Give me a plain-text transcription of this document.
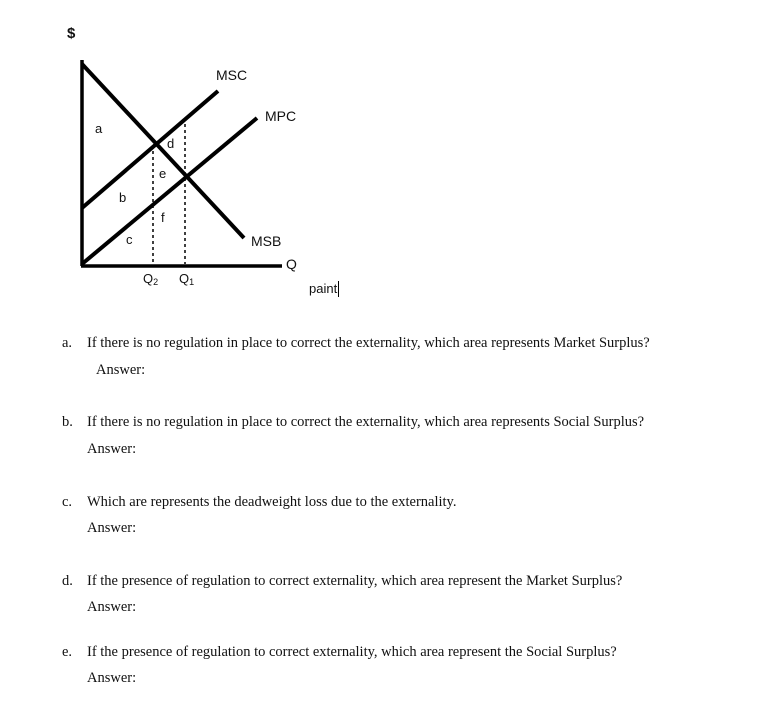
$
Q
MSC
MPC
MSB
a
b
c
d
e
f
Q2 Q1	paint
a. If there is no regulation in place to correct the externality, which area represents Market Surplus?
Answer:
b. If there is no regulation in place to correct the externality, which area represents Social Surplus?
Answer:
c. Which are represents the deadweight loss due to the externality.
Answer:
d. If the presence of regulation to correct externality, which area represent the Market Surplus?
Answer:
e. If the presence of regulation to correct externality, which area represent the Social Surplus?
Answer:
